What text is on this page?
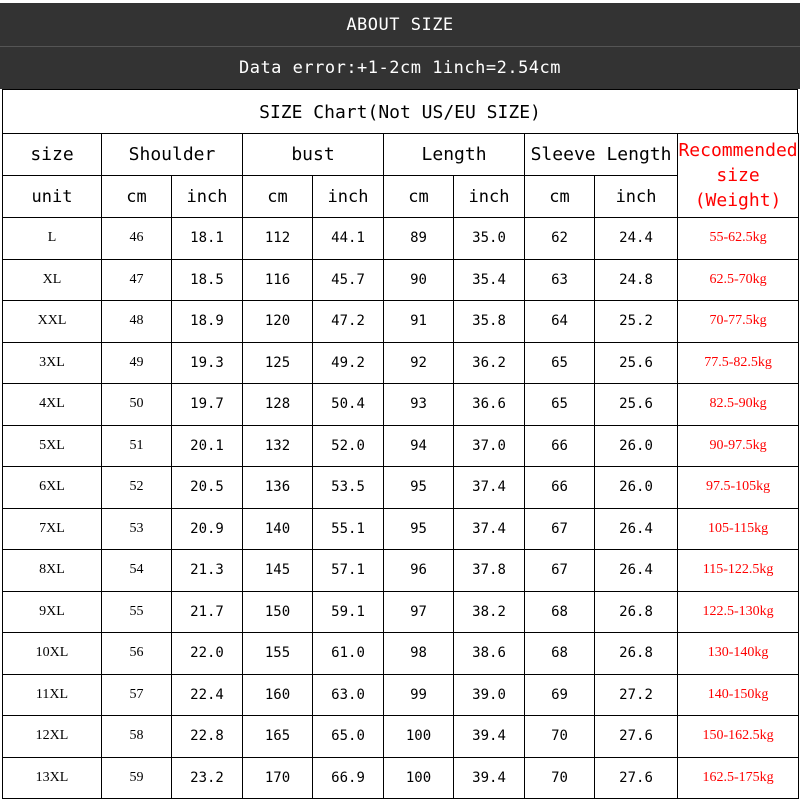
ABOUT SIZE
Data error:+1-2cm 1inch=2.54cm
SIZE Chart(Not US/EU SIZE)
size	Shoulder		bust		Length		Sleeve Length		Recommended size (Weight)
unit	cm	inch	cm	inch	cm	inch	cm	inch	
L	46	18.1	112	44.1	89	35.0	62	24.4	55-62.5kg
XL	47	18.5	116	45.7	90	35.4	63	24.8	62.5-70kg
XXL	48	18.9	120	47.2	91	35.8	64	25.2	70-77.5kg
3XL	49	19.3	125	49.2	92	36.2	65	25.6	77.5-82.5kg
4XL	50	19.7	128	50.4	93	36.6	65	25.6	82.5-90kg
5XL	51	20.1	132	52.0	94	37.0	66	26.0	90-97.5kg
6XL	52	20.5	136	53.5	95	37.4	66	26.0	97.5-105kg
7XL	53	20.9	140	55.1	95	37.4	67	26.4	105-115kg
8XL	54	21.3	145	57.1	96	37.8	67	26.4	115-122.5kg
9XL	55	21.7	150	59.1	97	38.2	68	26.8	122.5-130kg
10XL	56	22.0	155	61.0	98	38.6	68	26.8	130-140kg
11XL	57	22.4	160	63.0	99	39.0	69	27.2	140-150kg
12XL	58	22.8	165	65.0	100	39.4	70	27.6	150-162.5kg
13XL	59	23.2	170	66.9	100	39.4	70	27.6	162.5-175kg
